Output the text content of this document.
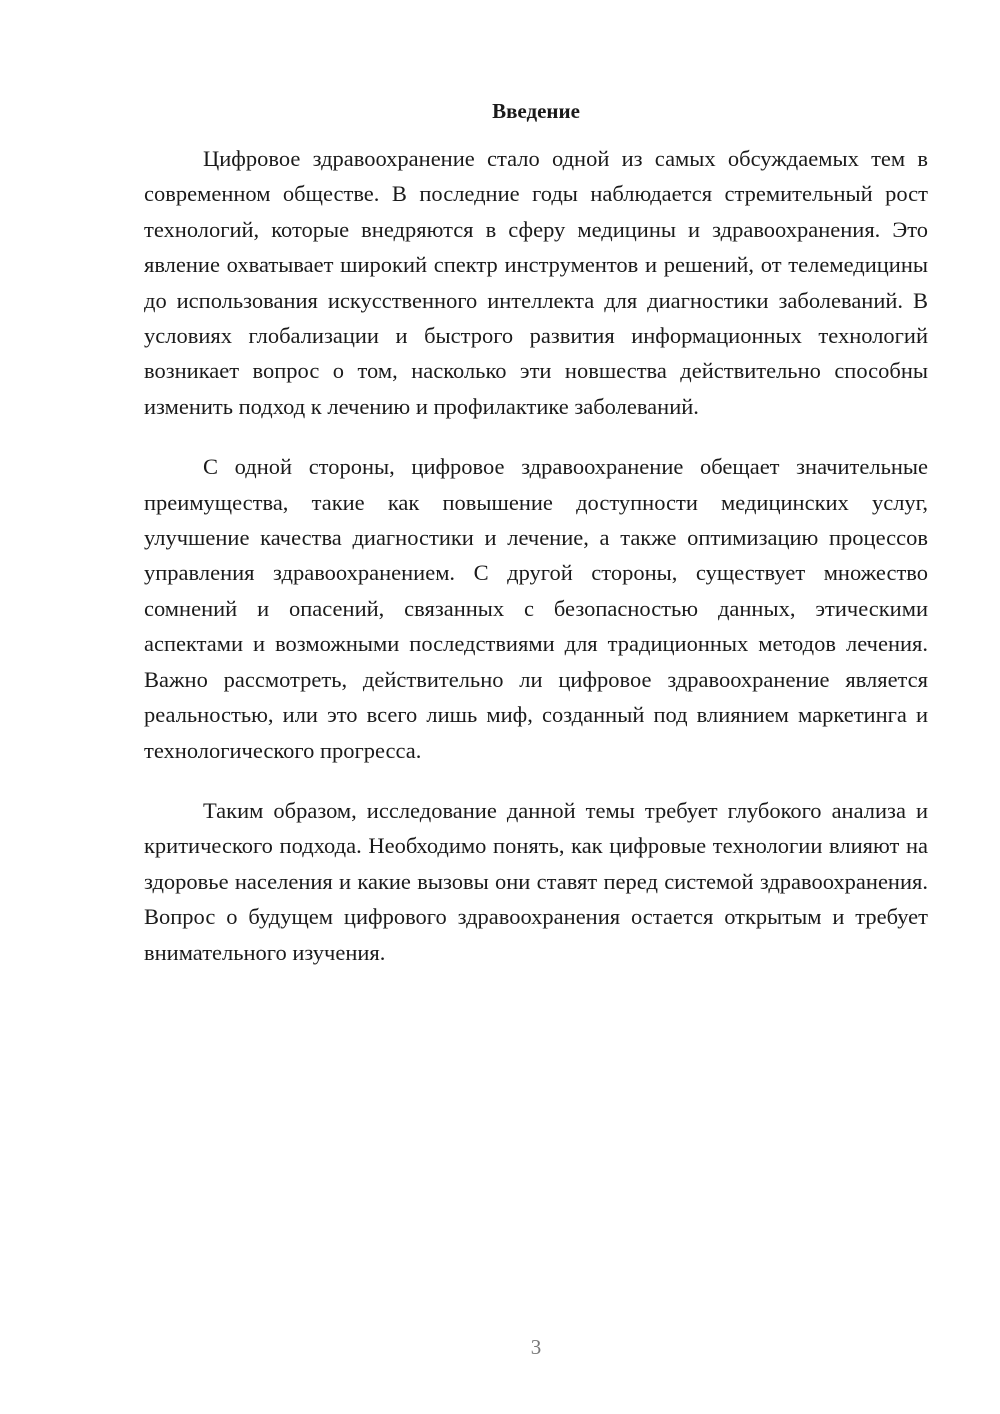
Введение

Цифровое здравоохранение стало одной из самых обсуждаемых тем в современном обществе. В последние годы наблюдается стремительный рост технологий, которые внедряются в сферу медицины и здравоохранения. Это явление охватывает широкий спектр инструментов и решений, от телемедицины до использования искусственного интеллекта для диагностики заболеваний. В условиях глобализации и быстрого развития информационных технологий возникает вопрос о том, насколько эти новшества действительно способны изменить подход к лечению и профилактике заболеваний.

С одной стороны, цифровое здравоохранение обещает значительные преимущества, такие как повышение доступности медицинских услуг, улучшение качества диагностики и лечение, а также оптимизацию процессов управления здравоохранением. С другой стороны, существует множество сомнений и опасений, связанных с безопасностью данных, этическими аспектами и возможными последствиями для традиционных методов лечения. Важно рассмотреть, действительно ли цифровое здравоохранение является реальностью, или это всего лишь миф, созданный под влиянием маркетинга и технологического прогресса.

Таким образом, исследование данной темы требует глубокого анализа и критического подхода. Необходимо понять, как цифровые технологии влияют на здоровье населения и какие вызовы они ставят перед системой здравоохранения. Вопрос о будущем цифрового здравоохранения остается открытым и требует внимательного изучения.

3
